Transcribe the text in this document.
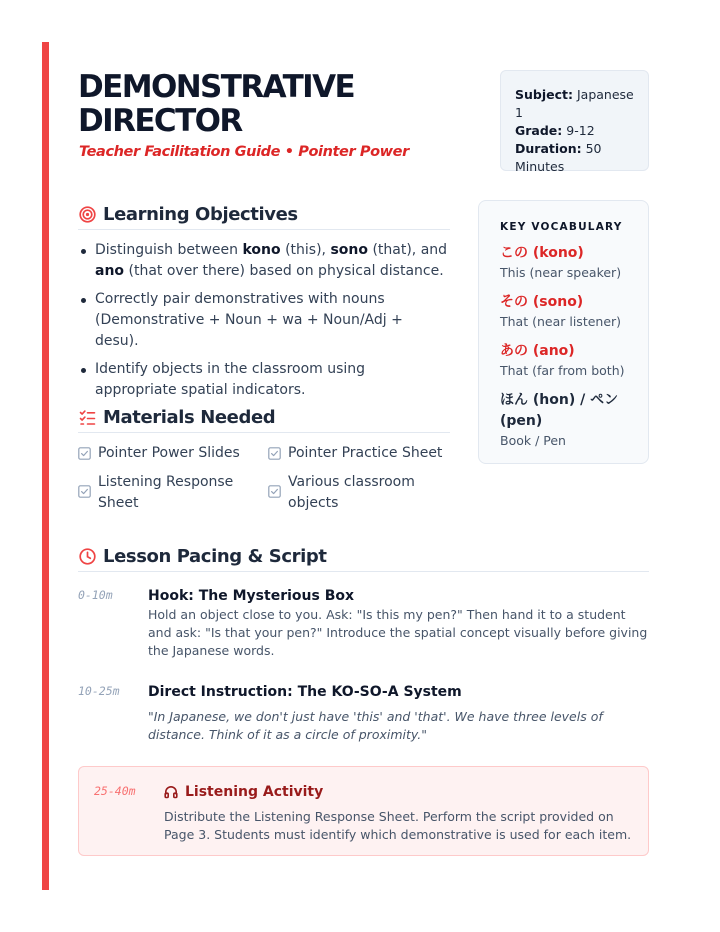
DEMONSTRATIVE DIRECTOR
Teacher Facilitation Guide • Pointer Power
Subject: Japanese 1
Grade: 9-12
Duration: 50 Minutes
KEY VOCABULARY
この (kono)
This (near speaker)
その (sono)
That (near listener)
あの (ano)
That (far from both)
ほん (hon) / ペン (pen)
Book / Pen
Learning Objectives
Distinguish between kono (this), sono (that), and ano (that over there) based on physical distance.
Correctly pair demonstratives with nouns (Demonstrative + Noun + wa + Noun/Adj + desu).
Identify objects in the classroom using appropriate spatial indicators.
Materials Needed
Pointer Power Slides	Pointer Practice Sheet
Listening Response Sheet
Various classroom objects
Lesson Pacing & Script
0-10m	Hook: The Mysterious Box
Hold an object close to you. Ask: "Is this my pen?" Then hand it to a student and ask: "Is that your pen?" Introduce the spatial concept visually before giving the Japanese words.
10-25m Direct Instruction: The KO-SO-A System
"In Japanese, we don't just have 'this' and 'that'. We have three levels of distance. Think of it as a circle of proximity."
25-40m	Listening Activity
Distribute the Listening Response Sheet. Perform the script provided on Page 3. Students must identify which demonstrative is used for each item.
